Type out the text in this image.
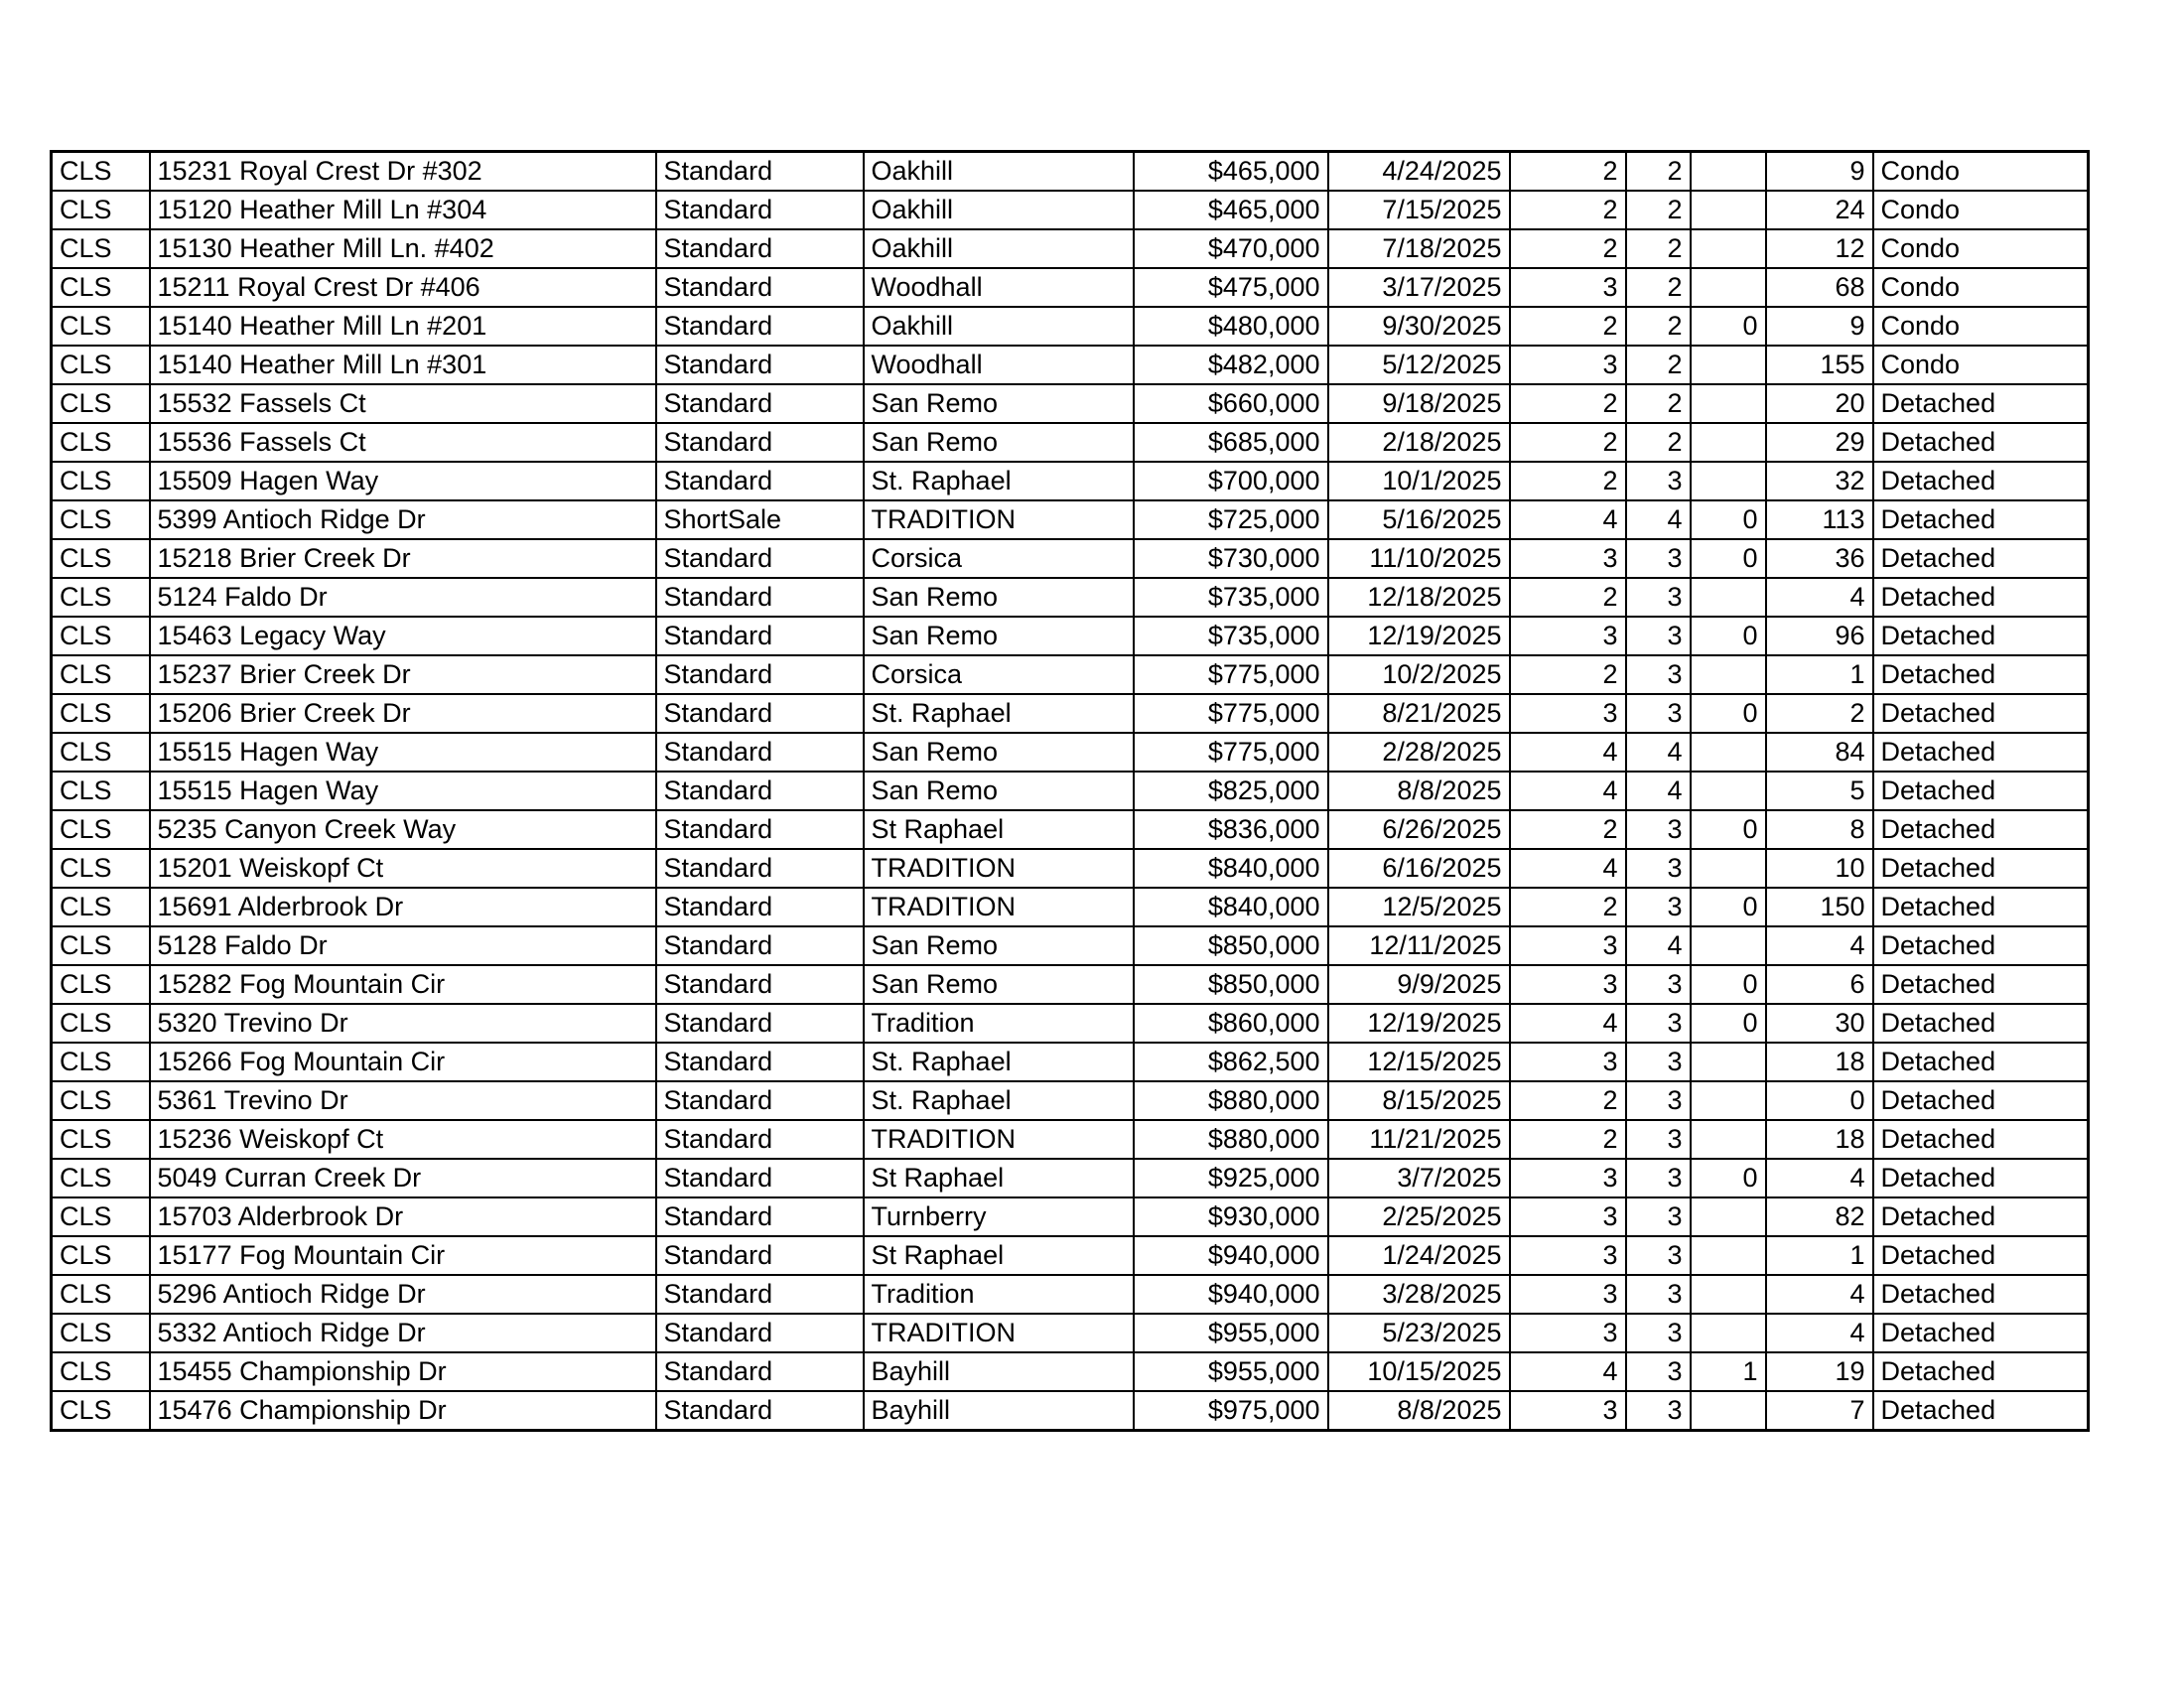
CLS	15231 Royal Crest Dr #302	Standard	Oakhill	$465,000	4/24/2025	2	2		9	Condo
CLS	15120 Heather Mill Ln #304	Standard	Oakhill	$465,000	7/15/2025	2	2		24	Condo
CLS	15130 Heather Mill Ln. #402	Standard	Oakhill	$470,000	7/18/2025	2	2		12	Condo
CLS	15211 Royal Crest Dr #406	Standard	Woodhall	$475,000	3/17/2025	3	2		68	Condo
CLS	15140 Heather Mill Ln #201	Standard	Oakhill	$480,000	9/30/2025	2	2	0	9	Condo
CLS	15140 Heather Mill Ln #301	Standard	Woodhall	$482,000	5/12/2025	3	2		155	Condo
CLS	15532 Fassels Ct	Standard	San Remo	$660,000	9/18/2025	2	2		20	Detached
CLS	15536 Fassels Ct	Standard	San Remo	$685,000	2/18/2025	2	2		29	Detached
CLS	15509 Hagen Way	Standard	St. Raphael	$700,000	10/1/2025	2	3		32	Detached
CLS	5399 Antioch Ridge Dr	ShortSale	TRADITION	$725,000	5/16/2025	4	4	0	113	Detached
CLS	15218 Brier Creek Dr	Standard	Corsica	$730,000	11/10/2025	3	3	0	36	Detached
CLS	5124 Faldo Dr	Standard	San Remo	$735,000	12/18/2025	2	3		4	Detached
CLS	15463 Legacy Way	Standard	San Remo	$735,000	12/19/2025	3	3	0	96	Detached
CLS	15237 Brier Creek Dr	Standard	Corsica	$775,000	10/2/2025	2	3		1	Detached
CLS	15206 Brier Creek Dr	Standard	St. Raphael	$775,000	8/21/2025	3	3	0	2	Detached
CLS	15515 Hagen Way	Standard	San Remo	$775,000	2/28/2025	4	4		84	Detached
CLS	15515 Hagen Way	Standard	San Remo	$825,000	8/8/2025	4	4		5	Detached
CLS	5235 Canyon Creek Way	Standard	St Raphael	$836,000	6/26/2025	2	3	0	8	Detached
CLS	15201 Weiskopf Ct	Standard	TRADITION	$840,000	6/16/2025	4	3		10	Detached
CLS	15691 Alderbrook Dr	Standard	TRADITION	$840,000	12/5/2025	2	3	0	150	Detached
CLS	5128 Faldo Dr	Standard	San Remo	$850,000	12/11/2025	3	4		4	Detached
CLS	15282 Fog Mountain Cir	Standard	San Remo	$850,000	9/9/2025	3	3	0	6	Detached
CLS	5320 Trevino Dr	Standard	Tradition	$860,000	12/19/2025	4	3	0	30	Detached
CLS	15266 Fog Mountain Cir	Standard	St. Raphael	$862,500	12/15/2025	3	3		18	Detached
CLS	5361 Trevino Dr	Standard	St. Raphael	$880,000	8/15/2025	2	3		0	Detached
CLS	15236 Weiskopf Ct	Standard	TRADITION	$880,000	11/21/2025	2	3		18	Detached
CLS	5049 Curran Creek Dr	Standard	St Raphael	$925,000	3/7/2025	3	3	0	4	Detached
CLS	15703 Alderbrook Dr	Standard	Turnberry	$930,000	2/25/2025	3	3		82	Detached
CLS	15177 Fog Mountain Cir	Standard	St Raphael	$940,000	1/24/2025	3	3		1	Detached
CLS	5296 Antioch Ridge Dr	Standard	Tradition	$940,000	3/28/2025	3	3		4	Detached
CLS	5332 Antioch Ridge Dr	Standard	TRADITION	$955,000	5/23/2025	3	3		4	Detached
CLS	15455 Championship Dr	Standard	Bayhill	$955,000	10/15/2025	4	3	1	19	Detached
CLS	15476 Championship Dr	Standard	Bayhill	$975,000	8/8/2025	3	3		7	Detached
